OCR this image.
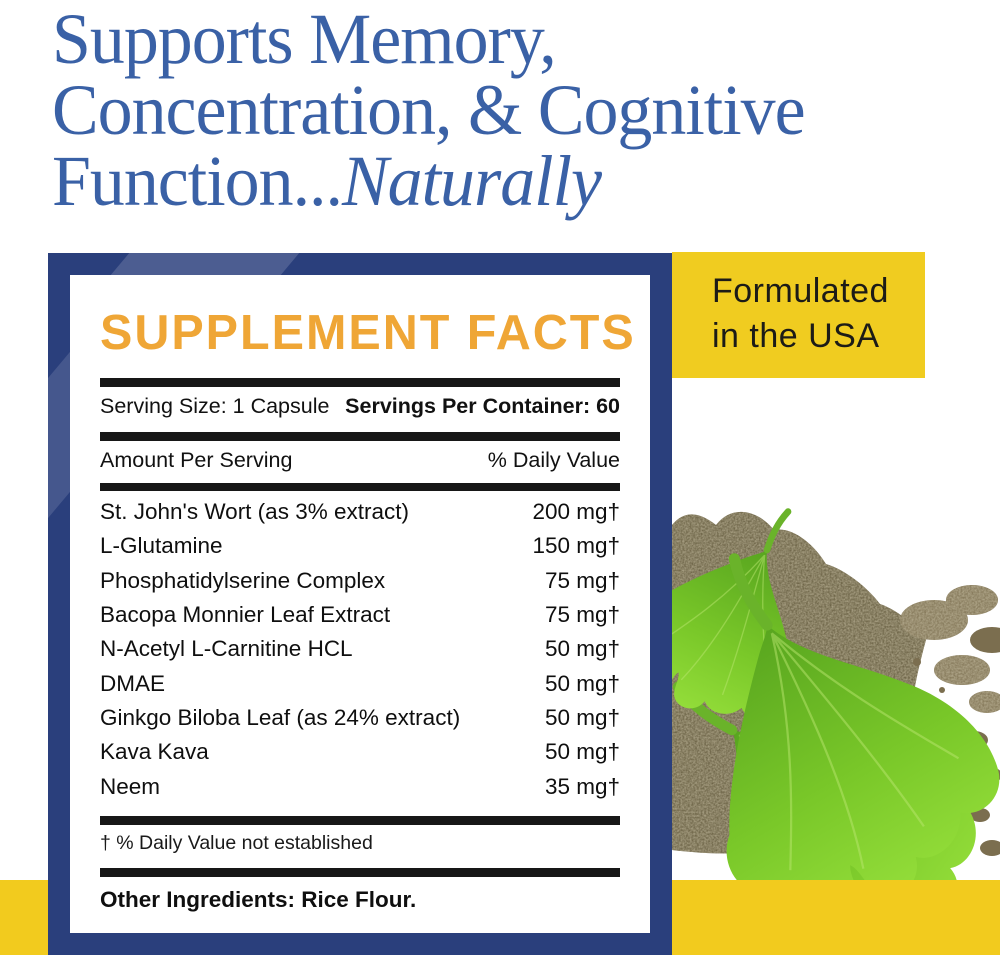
Supports Memory,
Concentration, & Cognitive
Function...Naturally
Formulated
in the USA
SUPPLEMENT FACTS
Serving Size: 1 Capsule Servings Per Container: 60
Amount Per Serving	% Daily Value
St. John's Wort (as 3% extract)	200 mg†
L-Glutamine	150 mg†
Phosphatidylserine Complex	75 mg†
Bacopa Monnier Leaf Extract	75 mg†
N-Acetyl L-Carnitine HCL	50 mg†
DMAE	50 mg†
Ginkgo Biloba Leaf (as 24% extract)	50 mg†
Kava Kava	50 mg†
Neem	35 mg†
† % Daily Value not established
Other Ingredients: Rice Flour.
